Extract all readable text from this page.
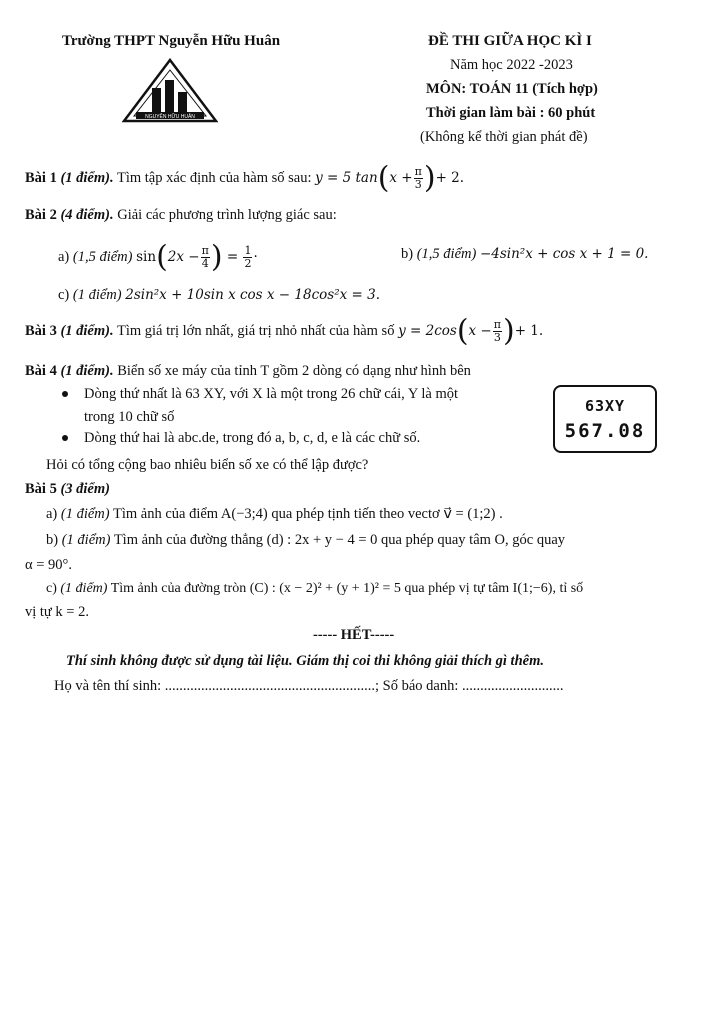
Trường THPT Nguyễn Hữu Huân
NGUYỄN HỮU HUÂN
ĐỀ THI GIỮA HỌC KÌ I
Năm học 2022 -2023
MÔN: TOÁN 11 (Tích hợp)
Thời gian làm bài : 60 phút
(Không kể thời gian phát đề)
Bài 1 (1 điểm). Tìm tập xác định của hàm số sau: y = 5 $\tan(x + \frac{\pi}{3}$ )+ 2.
Bài 2 (4 điểm). Giải các phương trình lượng giác sau:
a) (1,5 điểm) $\sin(2x - \frac{\pi}{4}$ ) = $\frac{1}{2}$ ·	b) (1,5 điểm) −4sin²x + cos x + 1 = 0.
c) (1 điểm) 2sin²x + 10sin x cos x − 18cos²x = 3.
Bài 3 (1 điểm). Tìm giá trị lớn nhất, giá trị nhỏ nhất của hàm số $y = 2\cos(x - \frac{\pi}{3}$ )+ 1.
Bài 4 (1 điểm). Biển số xe máy của tỉnh T gồm 2 dòng có dạng như hình bên
Dòng thứ nhất là 63 XY, với X là một trong 26 chữ cái, Y là một
trong 10 chữ số
Dòng thứ hai là abc.de, trong đó a, b, c, d, e là các chữ số.
Hỏi có tổng cộng bao nhiêu biển số xe có thể lập được?
63XY
567.08
Bài 5 (3 điểm)
a) (1 điểm) Tìm ảnh của điểm A(−3;4) qua phép tịnh tiến theo vectơ v⃗ = (1;2) .
b) (1 điểm) Tìm ảnh của đường thẳng (d) : 2x + y − 4 = 0 qua phép quay tâm O, góc quay
α = 90°.
c) (1 điểm) Tìm ảnh của đường tròn (C) : (x − 2)² + (y + 1)² = 5 qua phép vị tự tâm I(1;−6), tỉ số
vị tự k = 2.
----- HẾT-----
Thí sinh không được sử dụng tài liệu. Giám thị coi thi không giải thích gì thêm.
Họ và tên thí sinh: ..........................................................; Số báo danh: ............................
